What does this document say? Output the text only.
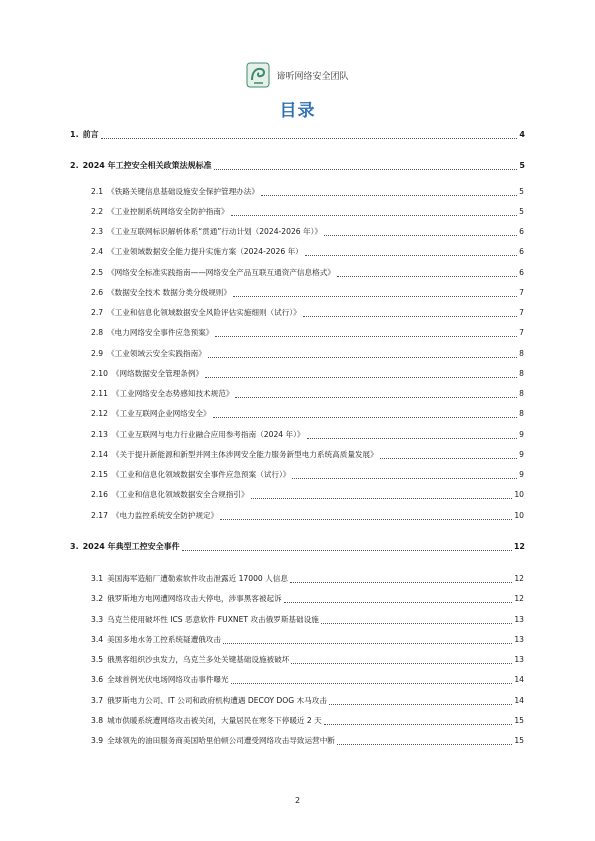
谛听网络安全团队
目录
1. 前言	4
2. 2024 年工控安全相关政策法规标准	5
2.1 《铁路关键信息基础设施安全保护管理办法》	5
2.2 《工业控制系统网络安全防护指南》	5
2.3 《工业互联网标识解析体系“贯通”行动计划（2024-2026 年）》	6
2.4 《工业领域数据安全能力提升实施方案（2024-2026 年）	6
2.5 《网络安全标准实践指南——网络安全产品互联互通资产信息格式》	6
2.6 《数据安全技术 数据分类分级规则》	7
2.7 《工业和信息化领域数据安全风险评估实施细则（试行）》	7
2.8 《电力网络安全事件应急预案》	7
2.9 《工业领域云安全实践指南》	8
2.10 《网络数据安全管理条例》	8
2.11 《工业网络安全态势感知技术规范》	8
2.12 《工业互联网企业网络安全》	8
2.13 《工业互联网与电力行业融合应用参考指南（2024 年）》	9
2.14 《关于提升新能源和新型并网主体涉网安全能力服务新型电力系统高质量发展》	9
2.15 《工业和信息化领域数据安全事件应急预案（试行）》	9
2.16 《工业和信息化领域数据安全合规指引》	10
2.17 《电力监控系统安全防护规定》	10
3. 2024 年典型工控安全事件	12
3.1 美国海军造船厂遭勒索软件攻击泄露近 17000 人信息	12
3.2 俄罗斯地方电网遭网络攻击大停电，涉事黑客被起诉	12
3.3 乌克兰使用破坏性 ICS 恶意软件 FUXNET 攻击俄罗斯基础设施	13
3.4 美国多地水务工控系统疑遭俄攻击	13
3.5 俄黑客组织沙虫发力，乌克兰多处关键基础设施被破坏	13
3.6 全球首例光伏电场网络攻击事件曝光	14
3.7 俄罗斯电力公司、IT 公司和政府机构遭遇 DECOY DOG 木马攻击	14
3.8 城市供暖系统遭网络攻击被关闭，大量居民在寒冬下停暖近 2 天	15
3.9 全球领先的油田服务商美国哈里伯顿公司遭受网络攻击导致运营中断	15
2
